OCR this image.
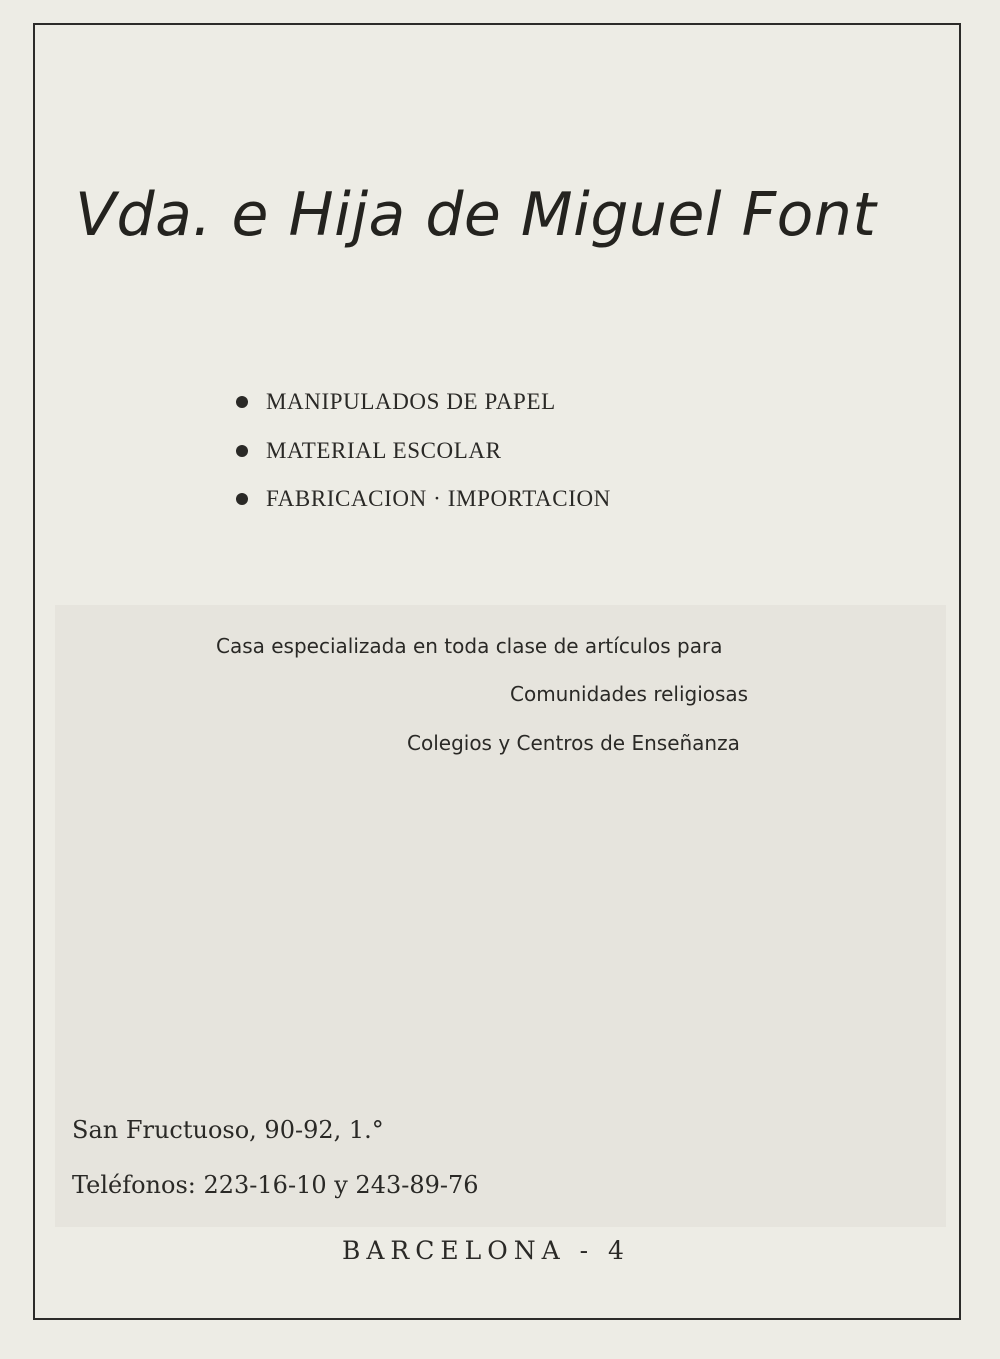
Vda. e Hija de Miguel Font
MANIPULADOS DE PAPEL
MATERIAL ESCOLAR
FABRICACION · IMPORTACION
Casa especializada en toda clase de artículos para
Comunidades religiosas
Colegios y Centros de Enseñanza
San Fructuoso, 90-92, 1.°
Teléfonos: 223-16-10 y 243-89-76
BARCELONA - 4
